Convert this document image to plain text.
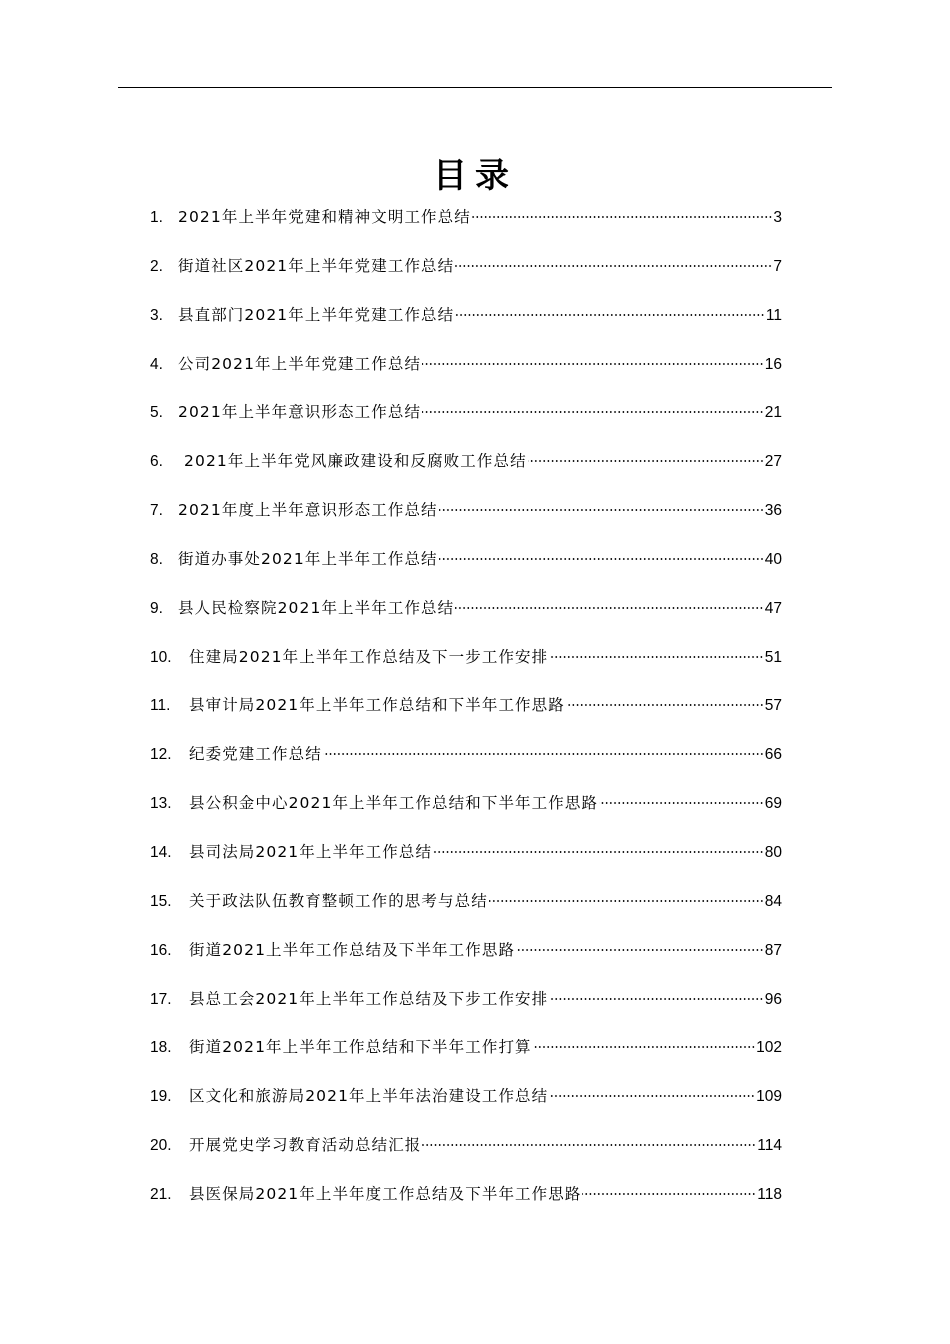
目录
1. 2021年上半年党建和精神文明工作总结	3
2. 街道社区2021年上半年党建工作总结	7
3. 县直部门2021年上半年党建工作总结	11
4. 公司2021年上半年党建工作总结	16
5. 2021年上半年意识形态工作总结	21
6. 2021年上半年党风廉政建设和反腐败工作总结	27
7. 2021年度上半年意识形态工作总结	36
8. 街道办事处2021年上半年工作总结	40
9. 县人民检察院2021年上半年工作总结	47
10.	住建局2021年上半年工作总结及下一步工作安排	51
11.	县审计局2021年上半年工作总结和下半年工作思路	57
12.	纪委党建工作总结	66
13.	县公积金中心2021年上半年工作总结和下半年工作思路	69
14.	县司法局2021年上半年工作总结	80
15.	关于政法队伍教育整顿工作的思考与总结	84
16.	街道2021上半年工作总结及下半年工作思路	87
17.	县总工会2021年上半年工作总结及下步工作安排	96
18.	街道2021年上半年工作总结和下半年工作打算	102
19.	区文化和旅游局2021年上半年法治建设工作总结	109
20.	开展党史学习教育活动总结汇报	114
21.	县医保局2021年上半年度工作总结及下半年工作思路	118
